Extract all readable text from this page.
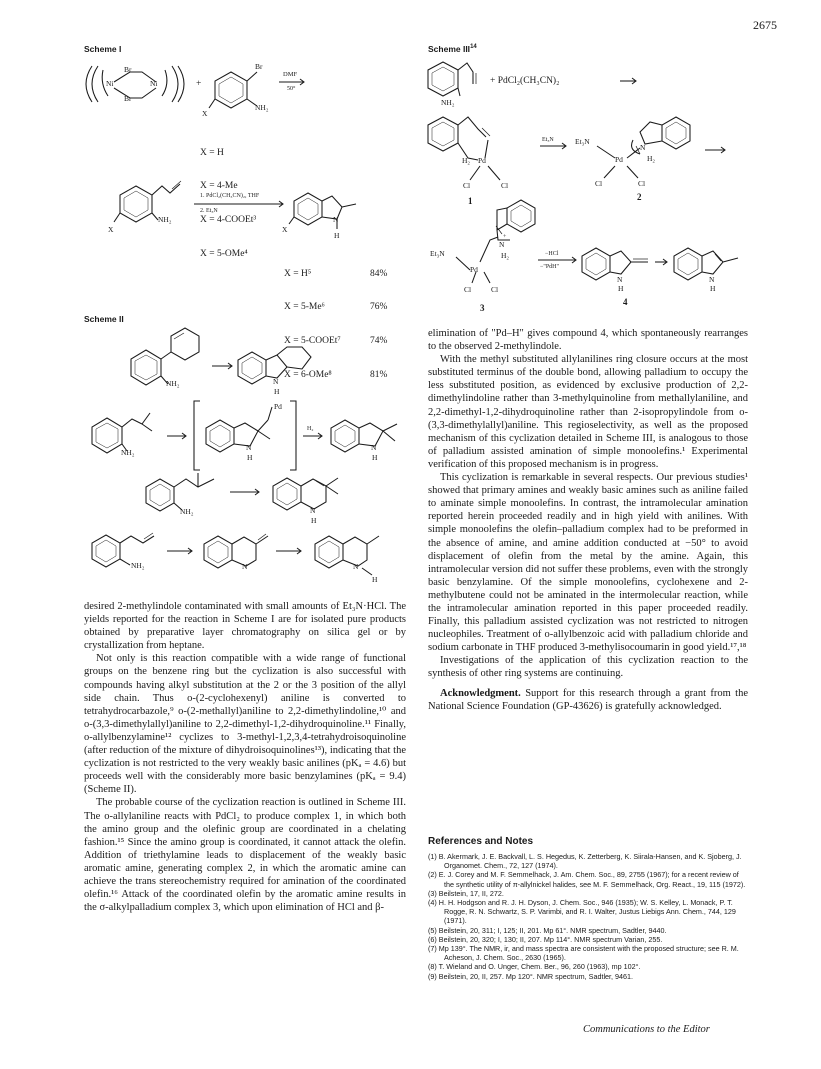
2675
Scheme I
Br
Br
Ni	Ni	+
Br
NH₂
X
DMF
50°

X = H

X = 4-Me

X = 4-COOEt³

X = 5-OMe⁴

NH₂
X
1. PdCl₂(CH₃CN)₂, THF
2. Et₃N
N
H
X

X = H⁵

X = 5-Me⁶

X = 5-COOEt⁷

X = 6-OMe⁸

84%

76%

74%

81%

Scheme II
NH₂	N
H
NH₂
Pd
N
H
H₂
N
H
NH₂	N
H
NH₂	N	N
H
Scheme III$^{14}$
NH₂
+ PdCl₂(CH₃CN)₂
H₂ Pd
Cl	Cl
1
Et₃N	Et₃N
Pd
N
H₂
Cl	Cl
2
Et₃N
Pd
N
H₂
+
Cl	Cl
3
−HCl
−"PdH"
N
H
4
N
H

desired 2-methylindole contaminated with small amounts of Et₃N·HCl. The yields reported for the reaction in Scheme I are for isolated pure products obtained by preparative layer chromatography on silica gel or by crystallization from heptane.

Not only is this reaction compatible with a wide range of functional groups on the benzene ring but the cyclization is also successful with compounds having alkyl substitution at the 2 or the 3 position of the allyl side chain. Thus o-(2-cyclohexenyl) aniline is converted to tetrahydrocarbazole,⁹ o-(2-methallyl)aniline to 2,2-dimethylindoline,¹⁰ and o-(3,3-dimethylallyl)aniline to 2,2-dimethyl-1,2-dihydroquinoline.¹¹ Finally, o-allylbenzylamine¹² cyclizes to 3-methyl-1,2,3,4-tetrahydroisoquinoline (after reduction of the mixture of dihydroisoquinolines¹³), indicating that the cyclization is not restricted to the very weakly basic anilines (pKₐ = 4.6) but proceeds well with the considerably more basic benzylamines (pKₐ = 9.4) (Scheme II).

The probable course of the cyclization reaction is outlined in Scheme III. The o-allylaniline reacts with PdCl₂ to produce complex 1, in which both the amino group and the olefinic group are coordinated in a chelating fashion.¹⁵ Since the amino group is coordinated, it cannot attack the olefin. Addition of triethylamine leads to displacement of the weakly basic aromatic amine, generating complex 2, in which the aromatic amine can achieve the trans stereochemistry required for amination of the coordinated olefin.¹⁶ Attack of the coordinated olefin by the aromatic amine results in the σ-alkylpalladium complex 3, which upon elimination of HCl and β-

elimination of "Pd–H" gives compound 4, which spontaneously rearranges to the observed 2-methylindole.

With the methyl substituted allylanilines ring closure occurs at the most substituted terminus of the double bond, allowing palladium to occupy the less substituted position, as evidenced by exclusive production of 2,2-dimethylindoline rather than 3-methylquinoline from methallylaniline, and 2,2-dimethyl-1,2-dihydroquinoline rather than 2-isopropylindole from o-(3,3-dimethylallyl)aniline. This regioselectivity, as well as the proposed mechanism of this cyclization detailed in Scheme III, is analogous to those of palladium assisted amination of simple monoolefins.¹ Experimental verification of this proposed mechanism is in progress.

This cyclization is remarkable in several respects. Our previous studies¹ showed that primary amines and weakly basic amines such as aniline failed to aminate simple monoolefins. In contrast, the intramolecular amination reported herein proceeded readily and in high yield with anilines. With simple monoolefins the olefin–palladium complex had to be preformed in the absence of amine, and amine addition conducted at −50° to avoid displacement of olefin from the metal by the amine. Again, this intramolecular version did not suffer these problems, even with the strongly basic benzylamine. Of the simple monoolefins, cyclohexene and 2-methylbutene could not be aminated in the intermolecular reaction, while the intramolecular amination reported in this paper proceeded readily. Finally, this palladium assisted cyclization was not restricted to nitrogen nucleophiles. Treatment of o-allylbenzoic acid with palladium chloride and sodium carbonate in THF produced 3-methylisocoumarin in good yield.¹⁷,¹⁸

Investigations of the application of this cyclization reaction to the synthesis of other ring systems are continuing.

Acknowledgment. Support for this research through a grant from the National Science Foundation (GP-43626) is gratefully acknowledged.

References and Notes
(1) B. Akermark, J. E. Backvall, L. S. Hegedus, K. Zetterberg, K. Siirala-Hansen, and K. Sjoberg, J. Organomet. Chem., 72, 127 (1974).
(2) E. J. Corey and M. F. Semmelhack, J. Am. Chem. Soc., 89, 2755 (1967); for a recent review of the synthetic utility of π-allylnickel halides, see M. F. Semmelhack, Org. React., 19, 115 (1972).
(3) Beilstein, 17, II, 272.
(4) H. H. Hodgson and R. J. H. Dyson, J. Chem. Soc., 946 (1935); W. S. Kelley, L. Monack, P. T. Rogge, R. N. Schwartz, S. P. Varimbi, and R. I. Walter, Justus Liebigs Ann. Chem., 744, 129 (1971).
(5) Beilstein, 20, 311; I, 125; II, 201. Mp 61°. NMR spectrum, Sadtler, 9440.
(6) Beilstein, 20, 320; I, 130; II, 207. Mp 114°. NMR spectrum Varian, 255.
(7) Mp 139°. The NMR, ir, and mass spectra are consistent with the proposed structure; see R. M. Acheson, J. Chem. Soc., 2630 (1965).
(8) T. Wieland and O. Unger, Chem. Ber., 96, 260 (1963), mp 102°.
(9) Beilstein, 20, II, 257. Mp 120°. NMR spectrum, Sadtler, 9461.
Communications to the Editor
